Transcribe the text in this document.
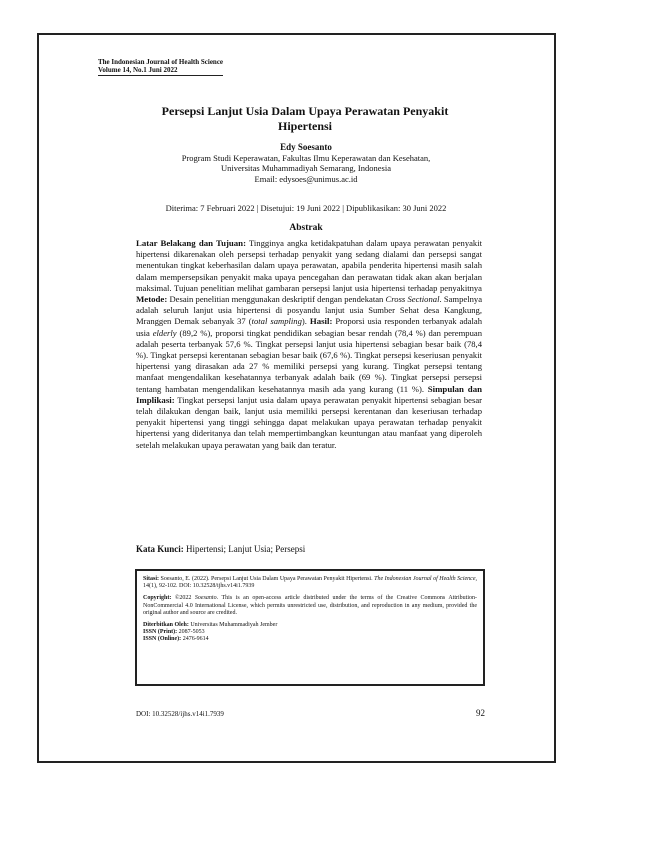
The Indonesian Journal of Health Science

Volume 14, No.1 Juni 2022
Persepsi Lanjut Usia Dalam Upaya Perawatan Penyakit Hipertensi
Edy Soesanto
Program Studi Keperawatan, Fakultas Ilmu Keperawatan dan Kesehatan,
Universitas Muhammadiyah Semarang, Indonesia
Email: edysoes@unimus.ac.id
Diterima: 7 Februari 2022 | Disetujui: 19 Juni 2022 | Dipublikasikan: 30 Juni 2022
Abstrak
Latar Belakang dan Tujuan: Tingginya angka ketidakpatuhan dalam upaya perawatan penyakit hipertensi dikarenakan oleh persepsi terhadap penyakit yang sedang dialami dan persepsi sangat menentukan tingkat keberhasilan dalam upaya perawatan, apabila penderita hipertensi masih salah dalam mempersepsikan penyakit maka upaya pencegahan dan perawatan tidak akan akan berjalan maksimal. Tujuan penelitian melihat gambaran persepsi lanjut usia hipertensi terhadap penyakitnya Metode: Desain penelitian menggunakan deskriptif dengan pendekatan Cross Sectional. Sampelnya adalah seluruh lanjut usia hipertensi di posyandu lanjut usia Sumber Sehat desa Kangkung, Mranggen Demak sebanyak 37 (total sampling). Hasil: Proporsi usia responden terbanyak adalah usia elderly (89,2 %), proporsi tingkat pendidikan sebagian besar rendah (78,4 %) dan perempuan adalah peserta terbanyak 57,6 %. Tingkat persepsi lanjut usia hipertensi sebagian besar baik (78,4 %). Tingkat persepsi kerentanan sebagian besar baik (67,6 %). Tingkat persepsi keseriusan penyakit hipertensi yang dirasakan ada 27 % memiliki persepsi yang kurang. Tingkat persepsi tentang manfaat mengendalikan kesehatannya terbanyak adalah baik (69 %). Tingkat persepsi persepsi tentang hambatan mengendalikan kesehatannya masih ada yang kurang (11 %). Simpulan dan Implikasi: Tingkat persepsi lanjut usia dalam upaya perawatan penyakit hipertensi sebagian besar telah dilakukan dengan baik, lanjut usia memiliki persepsi kerentanan dan keseriusan terhadap penyakit hipertensi yang tinggi sehingga dapat melakukan upaya perawatan terhadap penyakit hipertensi yang dideritanya dan telah mempertimbangkan keuntungan atau manfaat yang diperoleh setelah melakukan upaya perawatan yang baik dan teratur.
Kata Kunci: Hipertensi; Lanjut Usia; Persepsi

Sitasi: Soesanto, E. (2022). Persepsi Lanjut Usia Dalam Upaya Perawatan Penyakit Hipertensi. The Indonesian Journal of Health Science, 14(1), 92-102. DOI: 10.32528/ijhs.v14i1.7939

Copyright: ©2022 Soesanto. This is an open-access article distributed under the terms of the Creative Commons Attribution-NonCommercial 4.0 International License, which permits unrestricted use, distribution, and reproduction in any medium, provided the original author and source are credited.

Diterbitkan Oleh: Universitas Muhammadiyah Jember
ISSN (Print): 2087-5053
ISSN (Online): 2476-9614

DOI: 10.32528/ijhs.v14i1.7939	92
